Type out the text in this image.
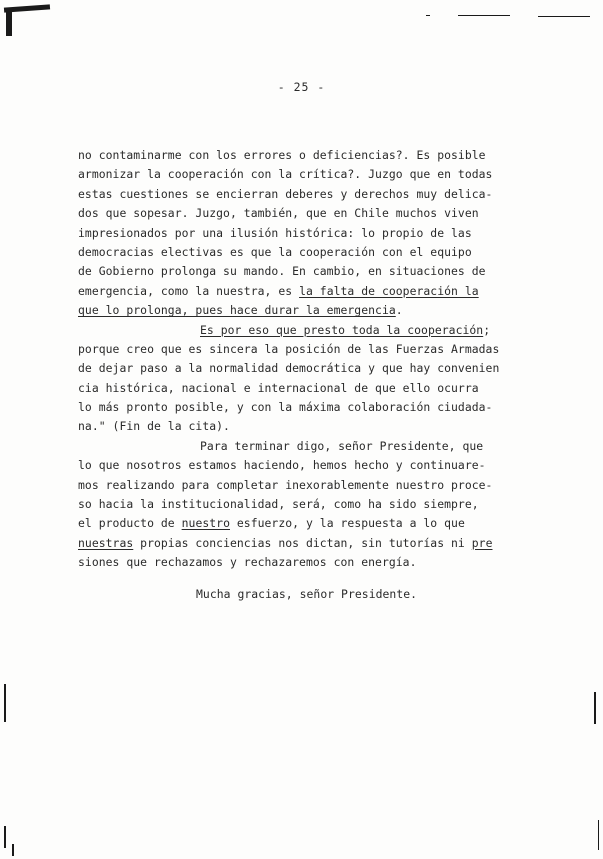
- 25 -
no contaminarme con los errores o deficiencias?. Es posible
armonizar la cooperación con la crítica?. Juzgo que en todas
estas cuestiones se encierran deberes y derechos muy delica-
dos que sopesar. Juzgo, también, que en Chile muchos viven
impresionados por una ilusión histórica: lo propio de las
democracias electivas es que la cooperación con el equipo
de Gobierno prolonga su mando. En cambio, en situaciones de
emergencia, como la nuestra, es la falta de cooperación la
que lo prolonga, pues hace durar la emergencia.
Es por eso que presto toda la cooperación;
porque creo que es sincera la posición de las Fuerzas Armadas
de dejar paso a la normalidad democrática y que hay convenien
cia histórica, nacional e internacional de que ello ocurra
lo más pronto posible, y con la máxima colaboración ciudada-
na." (Fin de la cita).
Para terminar digo, señor Presidente, que
lo que nosotros estamos haciendo, hemos hecho y continuare-
mos realizando para completar inexorablemente nuestro proce-
so hacia la institucionalidad, será, como ha sido siempre,
el producto de nuestro esfuerzo, y la respuesta a lo que
nuestras propias conciencias nos dictan, sin tutorías ni pre
siones que rechazamos y rechazaremos con energía.
Mucha gracias, señor Presidente.
